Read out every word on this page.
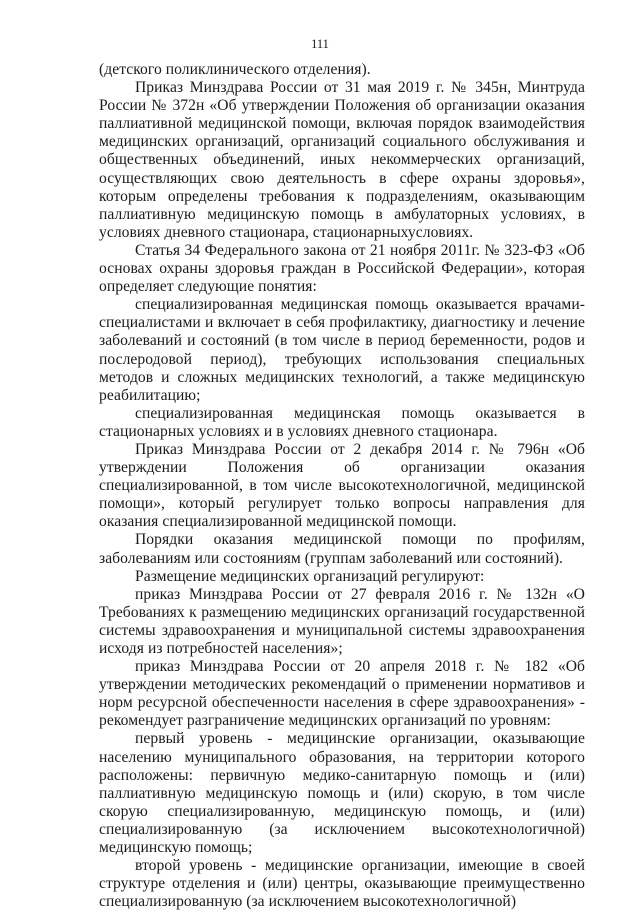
111

(детского поликлинического отделения).

Приказ Минздрава России от 31 мая 2019 г. № 345н, Минтруда России № 372н «Об утверждении Положения об организации оказания паллиативной медицинской помощи, включая порядок взаимодействия медицинских организаций, организаций социального обслуживания и общественных объединений, иных некоммерческих организаций, осуществляющих свою деятельность в сфере охраны здоровья», которым определены требования к подразделениям, оказывающим паллиативную медицинскую помощь в амбулаторных условиях, в условиях дневного стационара, стационарныхусловиях.

Статья 34 Федерального закона от 21 ноября 2011г. № 323-ФЗ «Об основах охраны здоровья граждан в Российской Федерации», которая определяет следующие понятия:

специализированная медицинская помощь оказывается врачами-специалистами и включает в себя профилактику, диагностику и лечение заболеваний и состояний (в том числе в период беременности, родов и послеродовой период), требующих использования специальных методов и сложных медицинских технологий, а также медицинскую реабилитацию;

специализированная медицинская помощь оказывается в стационарных условиях и в условиях дневного стационара.

Приказ Минздрава России от 2 декабря 2014 г. № 796н «Об утверждении Положения об организации оказания специализированной, в том числе высокотехнологичной, медицинской помощи», который регулирует только вопросы направления для оказания специализированной медицинской помощи.

Порядки оказания медицинской помощи по профилям, заболеваниям или состояниям (группам заболеваний или состояний).

Размещение медицинских организаций регулируют:

приказ Минздрава России от 27 февраля 2016 г. № 132н «О Требованиях к размещению медицинских организаций государственной системы здравоохранения и муниципальной системы здравоохранения исходя из потребностей населения»;

приказ Минздрава России от 20 апреля 2018 г. № 182 «Об утверждении методических рекомендаций о применении нормативов и норм ресурсной обеспеченности населения в сфере здравоохранения» - рекомендует разграничение медицинских организаций по уровням:

первый уровень - медицинские организации, оказывающие населению муниципального образования, на территории которого расположены: первичную медико-санитарную помощь и (или) паллиативную медицинскую помощь и (или) скорую, в том числе скорую специализированную, медицинскую помощь, и (или) специализированную (за исключением высокотехнологичной) медицинскую помощь;

второй уровень - медицинские организации, имеющие в своей структуре отделения и (или) центры, оказывающие преимущественно специализированную (за исключением высокотехнологичной)
